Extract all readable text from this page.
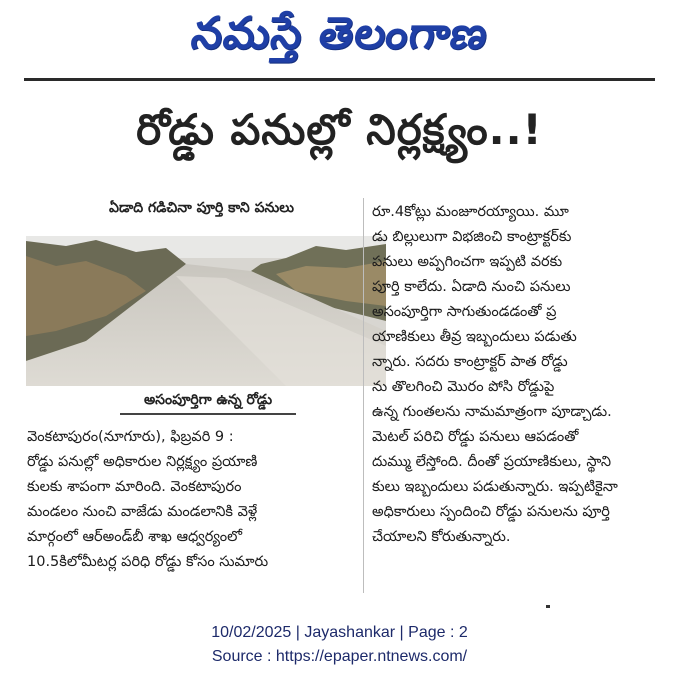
నమస్తే తెలంగాణ
రోడ్డు పనుల్లో నిర్లక్ష్యం..!
ఏడాది గడిచినా పూర్తి కాని పనులు
అసంపూర్తిగా ఉన్న రోడ్డు
వెంకటాపురం(నూగూరు), ఫిబ్రవరి 9 :
రోడ్డు పనుల్లో అధికారుల నిర్లక్ష్యం ప్రయాణి
కులకు శాపంగా మారింది. వెంకటాపురం
మండలం నుంచి వాజేడు మండలానికి వెళ్లే
మార్గంలో ఆర్‌అండ్‌బీ శాఖ ఆధ్వర్యంలో
10.5కిలోమీటర్ల పరిధి రోడ్డు కోసం సుమారు
రూ.4కోట్లు మంజూరయ్యాయి. మూ
డు బిల్లులుగా విభజించి కాంట్రాక్టర్‌కు
పనులు అప్పగించగా ఇప్పటి వరకు
పూర్తి కాలేదు. ఏడాది నుంచి పనులు
అసంపూర్తిగా సాగుతుండడంతో ప్ర
యాణికులు తీవ్ర ఇబ్బందులు పడుతు
న్నారు. సదరు కాంట్రాక్టర్ పాత రోడ్డు
ను తొలగించి మొరం పోసి రోడ్డుపై
ఉన్న గుంతలను నామమాత్రంగా పూడ్చాడు.
మెటల్ పరిచి రోడ్డు పనులు ఆపడంతో
దుమ్ము లేస్తోంది. దీంతో ప్రయాణికులు, స్థాని
కులు ఇబ్బందులు పడుతున్నారు. ఇప్పటికైనా
అధికారులు స్పందించి రోడ్డు పనులను పూర్తి
చేయాలని కోరుతున్నారు.
10/02/2025 | Jayashankar | Page : 2
Source : https://epaper.ntnews.com/
